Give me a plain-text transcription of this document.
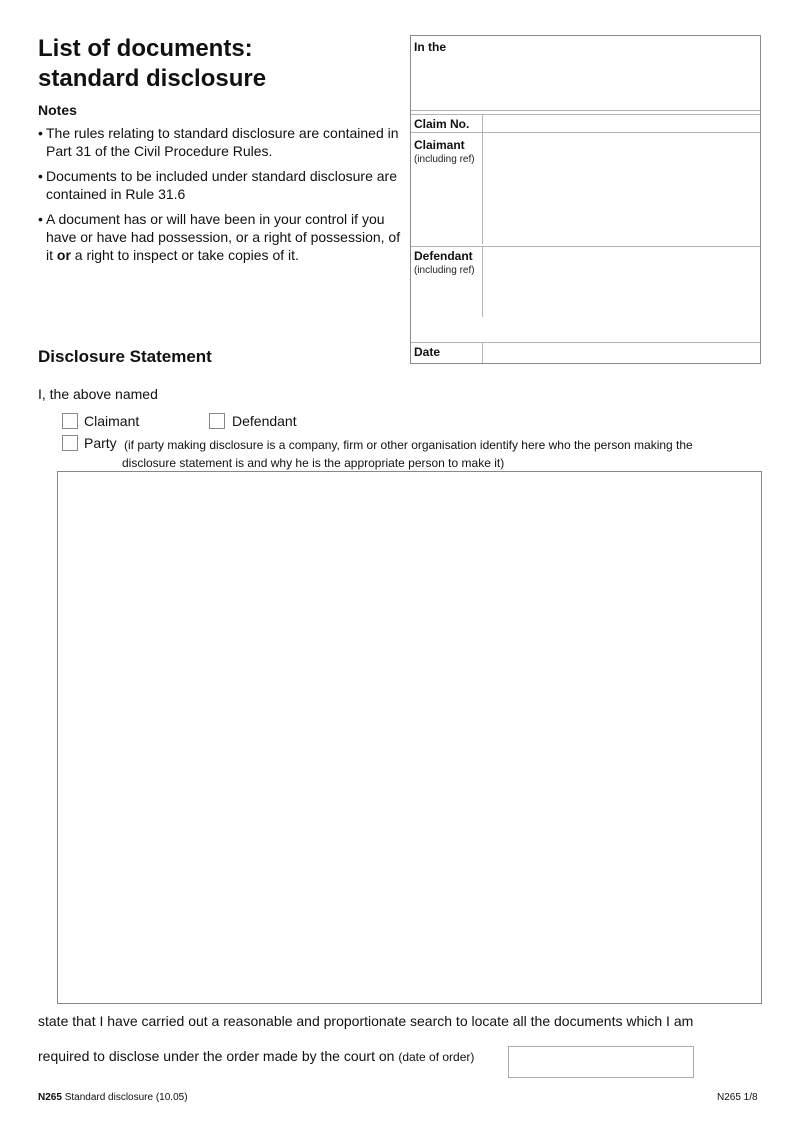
List of documents:
standard disclosure
Notes
• The rules relating to standard disclosure are contained in Part 31 of the Civil Procedure Rules.
• Documents to be included under standard disclosure are contained in Rule 31.6
• A document has or will have been in your control if you have or have had possession, or a right of possession, of it or a right to inspect or take copies of it.
In the
Claim No.
Claimant
(including ref)
Defendant
(including ref)
Date
Disclosure Statement
I, the above named
Claimant	Defendant
Party (if party making disclosure is a company, firm or other organisation identify here who the person making the
disclosure statement is and why he is the appropriate person to make it)
state that I have carried out a reasonable and proportionate search to locate all the documents which I am
required to disclose under the order made by the court on (date of order)
N265 Standard disclosure (10.05)	N265 1/8
